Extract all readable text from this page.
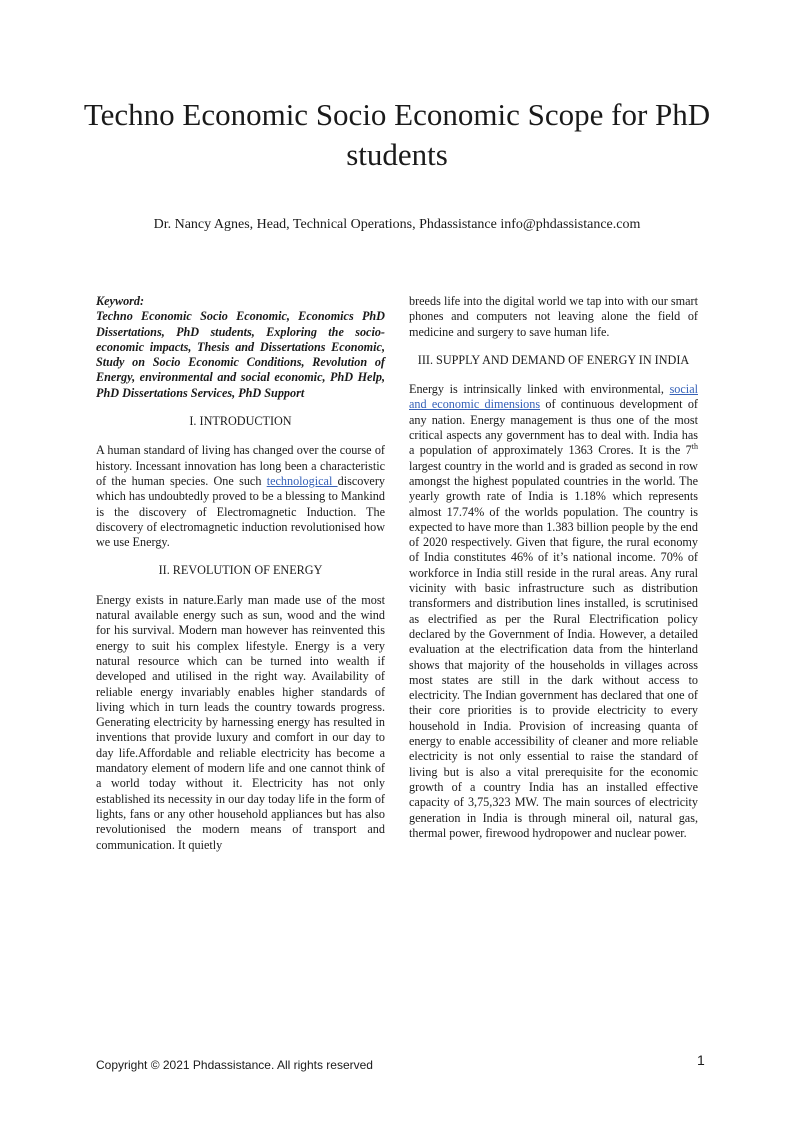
Techno Economic Socio Economic Scope for PhD students
Dr. Nancy Agnes, Head, Technical Operations, Phdassistance info@phdassistance.com

Keyword:

Techno Economic Socio Economic, Economics PhD Dissertations, PhD students, Exploring the socio-economic impacts, Thesis and Dissertations Economic, Study on Socio Economic Conditions, Revolution of Energy, environmental and social economic, PhD Help, PhD Dissertations Services, PhD Support

I. INTRODUCTION

A human standard of living has changed over the course of history. Incessant innovation has long been a characteristic of the human species. One such technological discovery which has undoubtedly proved to be a blessing to Mankind is the discovery of Electromagnetic Induction. The discovery of electromagnetic induction revolutionised how we use Energy.

II. REVOLUTION OF ENERGY

Energy exists in nature.Early man made use of the most natural available energy such as sun, wood and the wind for his survival. Modern man however has reinvented this energy to suit his complex lifestyle. Energy is a very natural resource which can be turned into wealth if developed and utilised in the right way. Availability of reliable energy invariably enables higher standards of living which in turn leads the country towards progress. Generating electricity by harnessing energy has resulted in inventions that provide luxury and comfort in our day to day life.Affordable and reliable electricity has become a mandatory element of modern life and one cannot think of a world today without it. Electricity has not only established its necessity in our day today life in the form of lights, fans or any other household appliances but has also revolutionised the modern means of transport and communication. It quietly

breeds life into the digital world we tap into with our smart phones and computers not leaving alone the field of medicine and surgery to save human life.

III. SUPPLY AND DEMAND OF ENERGY IN INDIA

Energy is intrinsically linked with environmental, social and economic dimensions of continuous development of any nation. Energy management is thus one of the most critical aspects any government has to deal with. India has a population of approximately 1363 Crores. It is the 7th largest country in the world and is graded as second in row amongst the highest populated countries in the world. The yearly growth rate of India is 1.18% which represents almost 17.74% of the worlds population. The country is expected to have more than 1.383 billion people by the end of 2020 respectively. Given that figure, the rural economy of India constitutes 46% of it’s national income. 70% of workforce in India still reside in the rural areas. Any rural vicinity with basic infrastructure such as distribution transformers and distribution lines installed, is scrutinised as electrified as per the Rural Electrification policy declared by the Government of India. However, a detailed evaluation at the electrification data from the hinterland shows that majority of the households in villages across most states are still in the dark without access to electricity. The Indian government has declared that one of their core priorities is to provide electricity to every household in India. Provision of increasing quanta of energy to enable accessibility of cleaner and more reliable electricity is not only essential to raise the standard of living but is also a vital prerequisite for the economic growth of a country India has an installed effective capacity of 3,75,323 MW. The main sources of electricity generation in India is through mineral oil, natural gas, thermal power, firewood hydropower and nuclear power.

Copyright © 2021 Phdassistance. All rights reserved	1
